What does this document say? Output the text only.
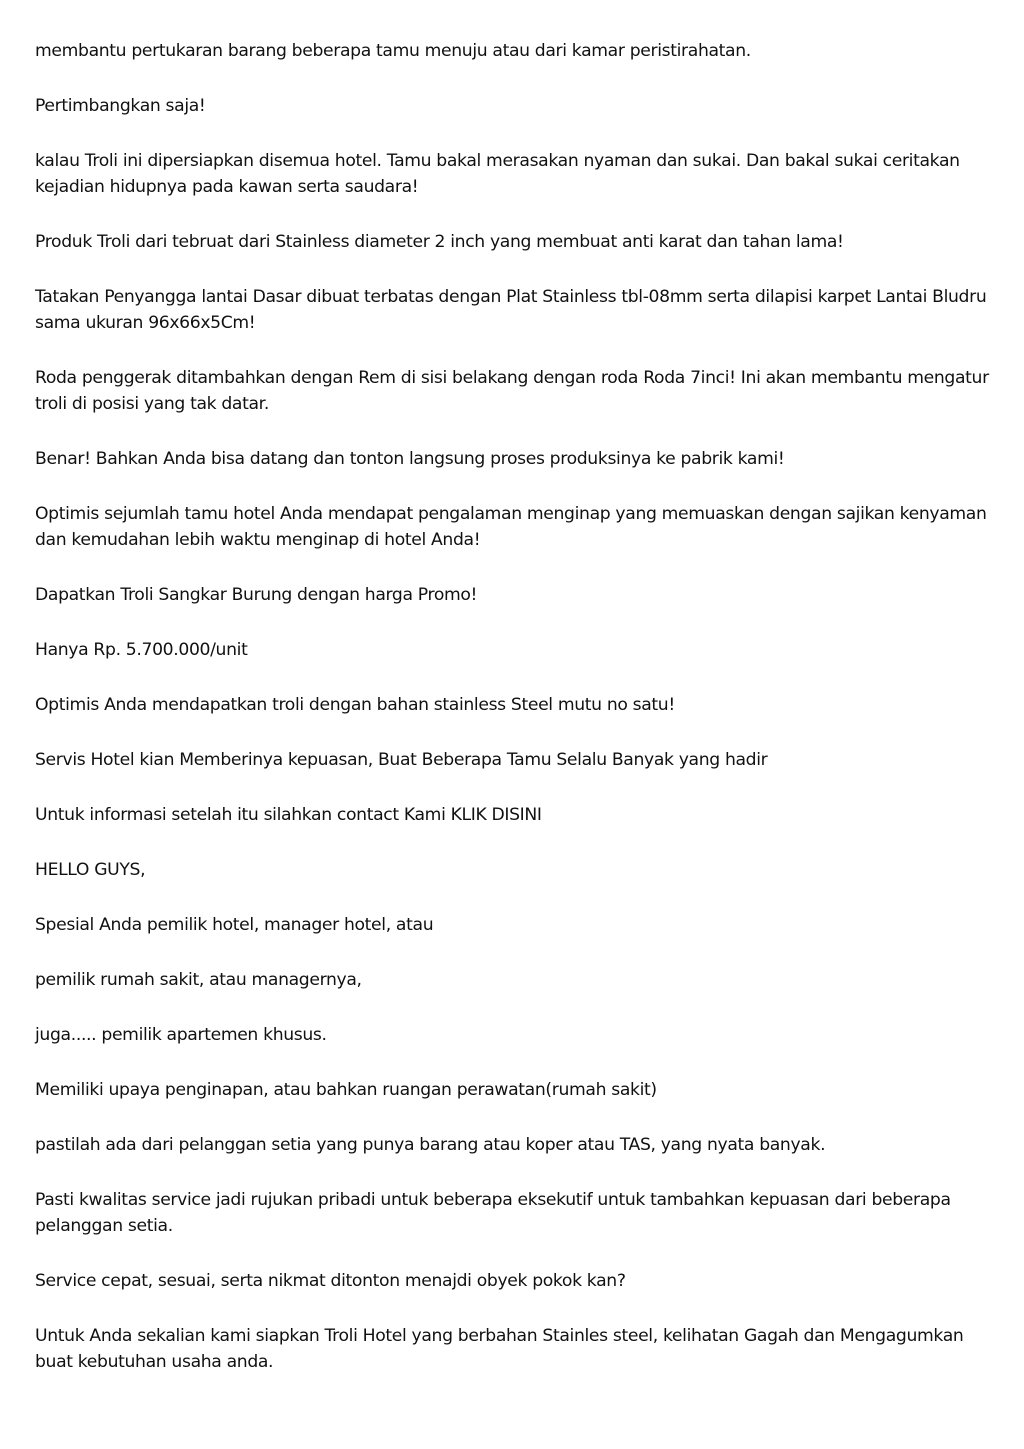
membantu pertukaran barang beberapa tamu menuju atau dari kamar peristirahatan.

Pertimbangkan saja!

kalau Troli ini dipersiapkan disemua hotel. Tamu bakal merasakan nyaman dan sukai. Dan bakal sukai ceritakan kejadian hidupnya pada kawan serta saudara!

Produk Troli dari tebruat dari Stainless diameter 2 inch yang membuat anti karat dan tahan lama!

Tatakan Penyangga lantai Dasar dibuat terbatas dengan Plat Stainless tbl-08mm serta dilapisi karpet Lantai Bludru sama ukuran 96x66x5Cm!

Roda penggerak ditambahkan dengan Rem di sisi belakang dengan roda Roda 7inci! Ini akan membantu mengatur troli di posisi yang tak datar.

Benar! Bahkan Anda bisa datang dan tonton langsung proses produksinya ke pabrik kami!

Optimis sejumlah tamu hotel Anda mendapat pengalaman menginap yang memuaskan dengan sajikan kenyaman dan kemudahan lebih waktu menginap di hotel Anda!

Dapatkan Troli Sangkar Burung dengan harga Promo!

Hanya Rp. 5.700.000/unit

Optimis Anda mendapatkan troli dengan bahan stainless Steel mutu no satu!

Servis Hotel kian Memberinya kepuasan, Buat Beberapa Tamu Selalu Banyak yang hadir

Untuk informasi setelah itu silahkan contact Kami KLIK DISINI

HELLO GUYS,

Spesial Anda pemilik hotel, manager hotel, atau

pemilik rumah sakit, atau managernya,

juga..... pemilik apartemen khusus.

Memiliki upaya penginapan, atau bahkan ruangan perawatan(rumah sakit)

pastilah ada dari pelanggan setia yang punya barang atau koper atau TAS, yang nyata banyak.

Pasti kwalitas service jadi rujukan pribadi untuk beberapa eksekutif untuk tambahkan kepuasan dari beberapa pelanggan setia.

Service cepat, sesuai, serta nikmat ditonton menajdi obyek pokok kan?

Untuk Anda sekalian kami siapkan Troli Hotel yang berbahan Stainles steel, kelihatan Gagah dan Mengagumkan buat kebutuhan usaha anda.
